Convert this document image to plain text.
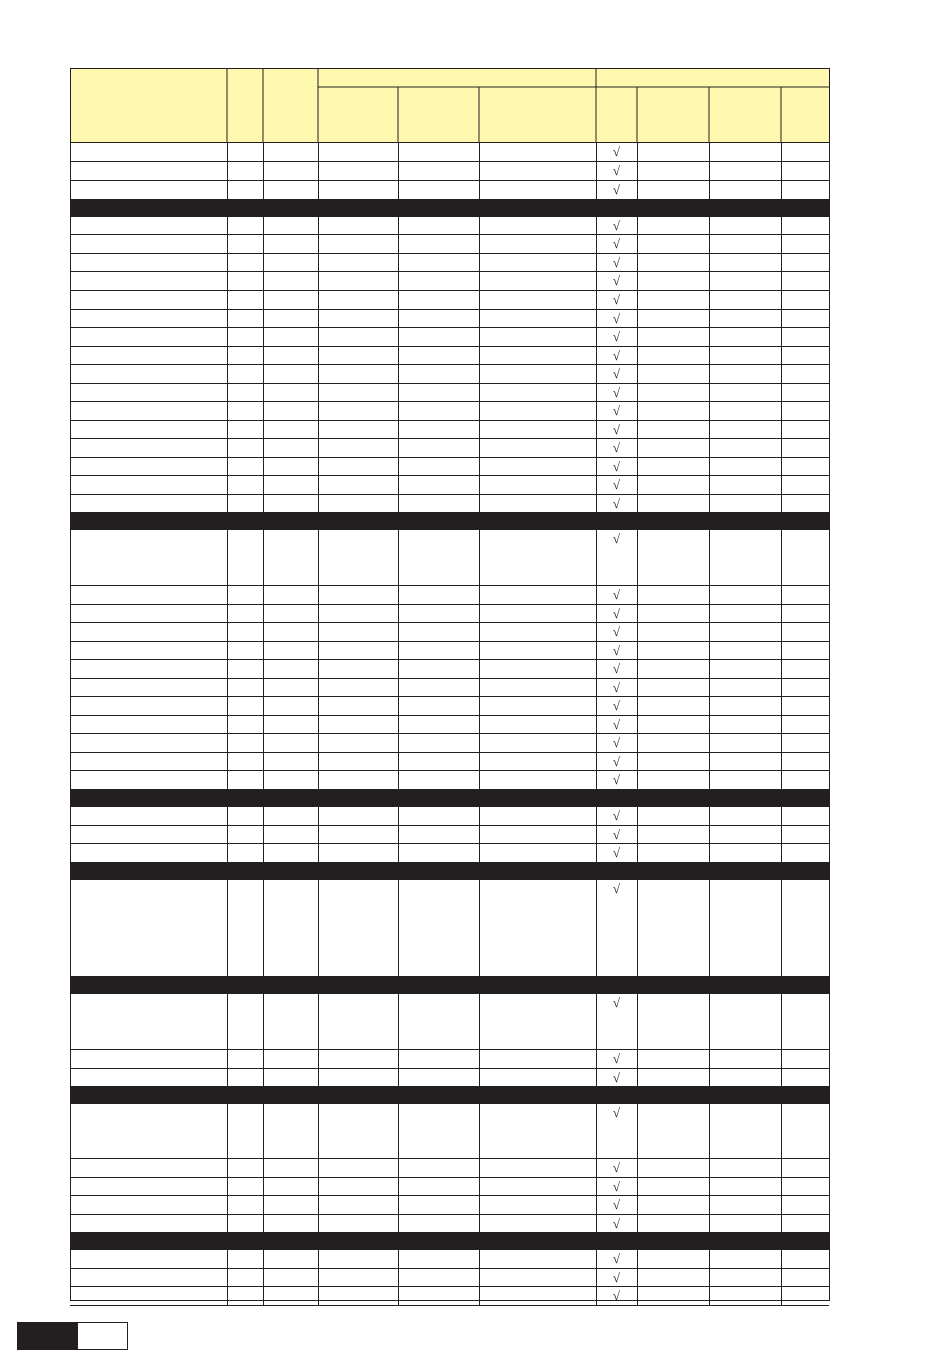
√
√
√
√
√
√
√
√
√
√
√
√
√
√
√
√
√
√
√
√
√
√
√
√
√
√
√
√
√
√
√
√
√
√
√
√
√
√
√
√
√
√
√
√
√
√
